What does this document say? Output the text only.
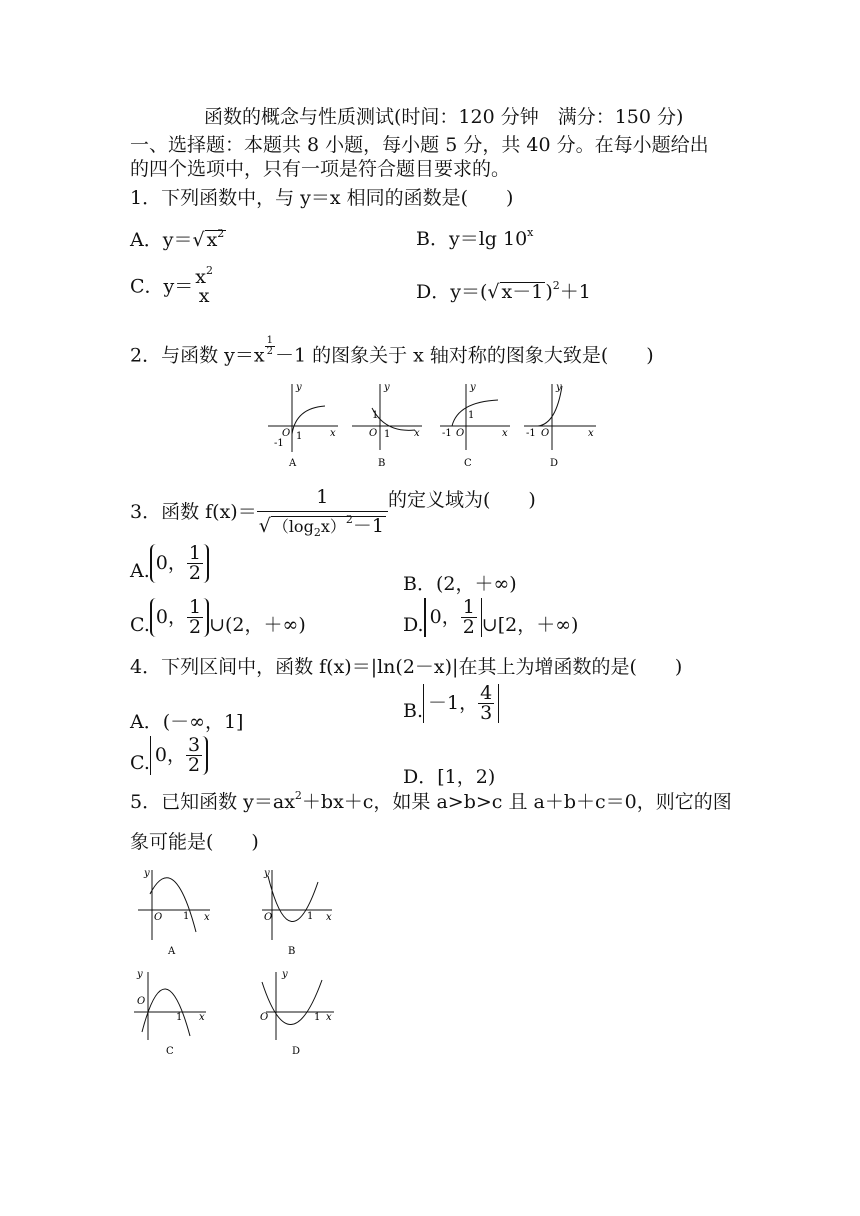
函数的概念与性质测试(时间：120 分钟　满分：150 分)
一、选择题：本题共 8 小题，每小题 5 分，共 40 分。在每小题给出
的四个选项中，只有一项是符合题目要求的。
1．下列函数中，与 y＝x 相同的函数是(　　)
A．y＝√ $x^2$	B．y＝lg 10$^x$
C．$y= x^2$
x	D．y＝(√ x－1 )$^2$＋1
2．与函数 $y=x \frac{1}{2} -1$ 的图象关于 x 轴对称的图象大致是(　　)
y
x
O 1
-1
A
y
x
O 1
1
B
y
x
O
1
-1
C
y
x
O
-1
D
3．函数 $f(x)= \frac{1}{√ (\log_2x)^2-1}$ 的定义域为(　　)
A. 0， $\frac{1}{2}$
B．(2，＋∞)
C. 0， $\frac{1}{2}$ ∪(2，＋∞)	D. 0， $\frac{1}{2}$ ∪[2，＋∞)
4．下列区间中，函数 f(x)＝|ln(2－x)|在其上为增函数的是(　　)
A．(－∞，1]	B. －1， $\frac{4}{3}$
C. 0， $\frac{3}{2}$
D．[1，2)
5．已知函数 $y=ax^2+bx+c$，如果 a>b>c 且 a＋b＋c＝0，则它的图
象可能是(　　)
y
O 1 x
A
y
O	1 x
B
y
O
1 x
C
y
O	1 x
D
